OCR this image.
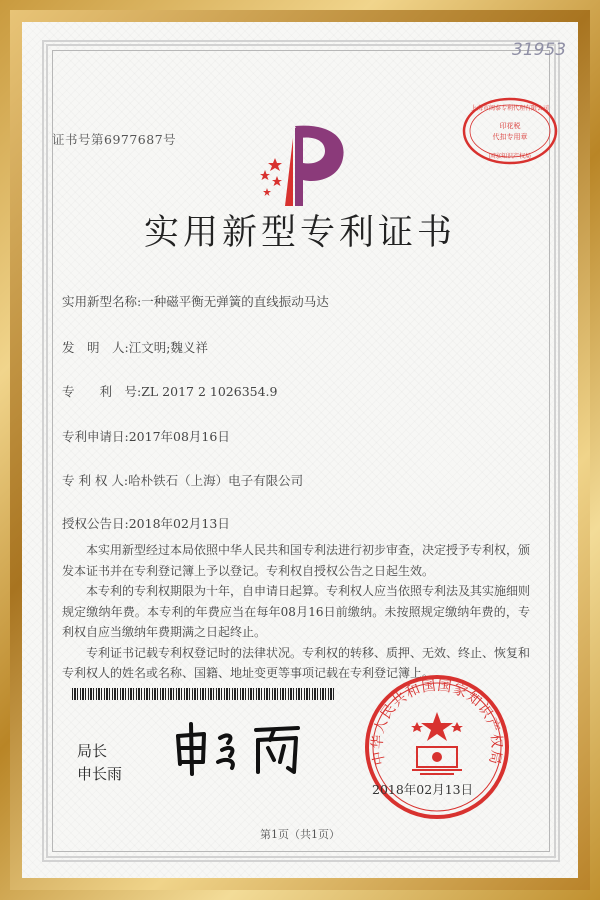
31953
证书号第6977687号
印花税
代扣专用章
上海市闽泰专利代理有限公司
国家知识产权局
实用新型专利证书
实用新型名称:一种磁平衡无弹簧的直线振动马达
发　明　人:江文明;魏义祥
专　　利　号:ZL 2017 2 1026354.9
专利申请日:2017年08月16日
专 利 权 人:哈朴铁石（上海）电子有限公司
授权公告日:2018年02月13日

本实用新型经过本局依照中华人民共和国专利法进行初步审查，决定授予专利权，颁发本证书并在专利登记簿上予以登记。专利权自授权公告之日起生效。

本专利的专利权期限为十年，自申请日起算。专利权人应当依照专利法及其实施细则规定缴纳年费。本专利的年费应当在每年08月16日前缴纳。未按照规定缴纳年费的，专利权自应当缴纳年费期满之日起终止。

专利证书记载专利权登记时的法律状况。专利权的转移、质押、无效、终止、恢复和专利权人的姓名或名称、国籍、地址变更等事项记载在专利登记簿上。

局长
申长雨
中华人民共和国国家知识产权局
2018年02月13日
第1页（共1页）
